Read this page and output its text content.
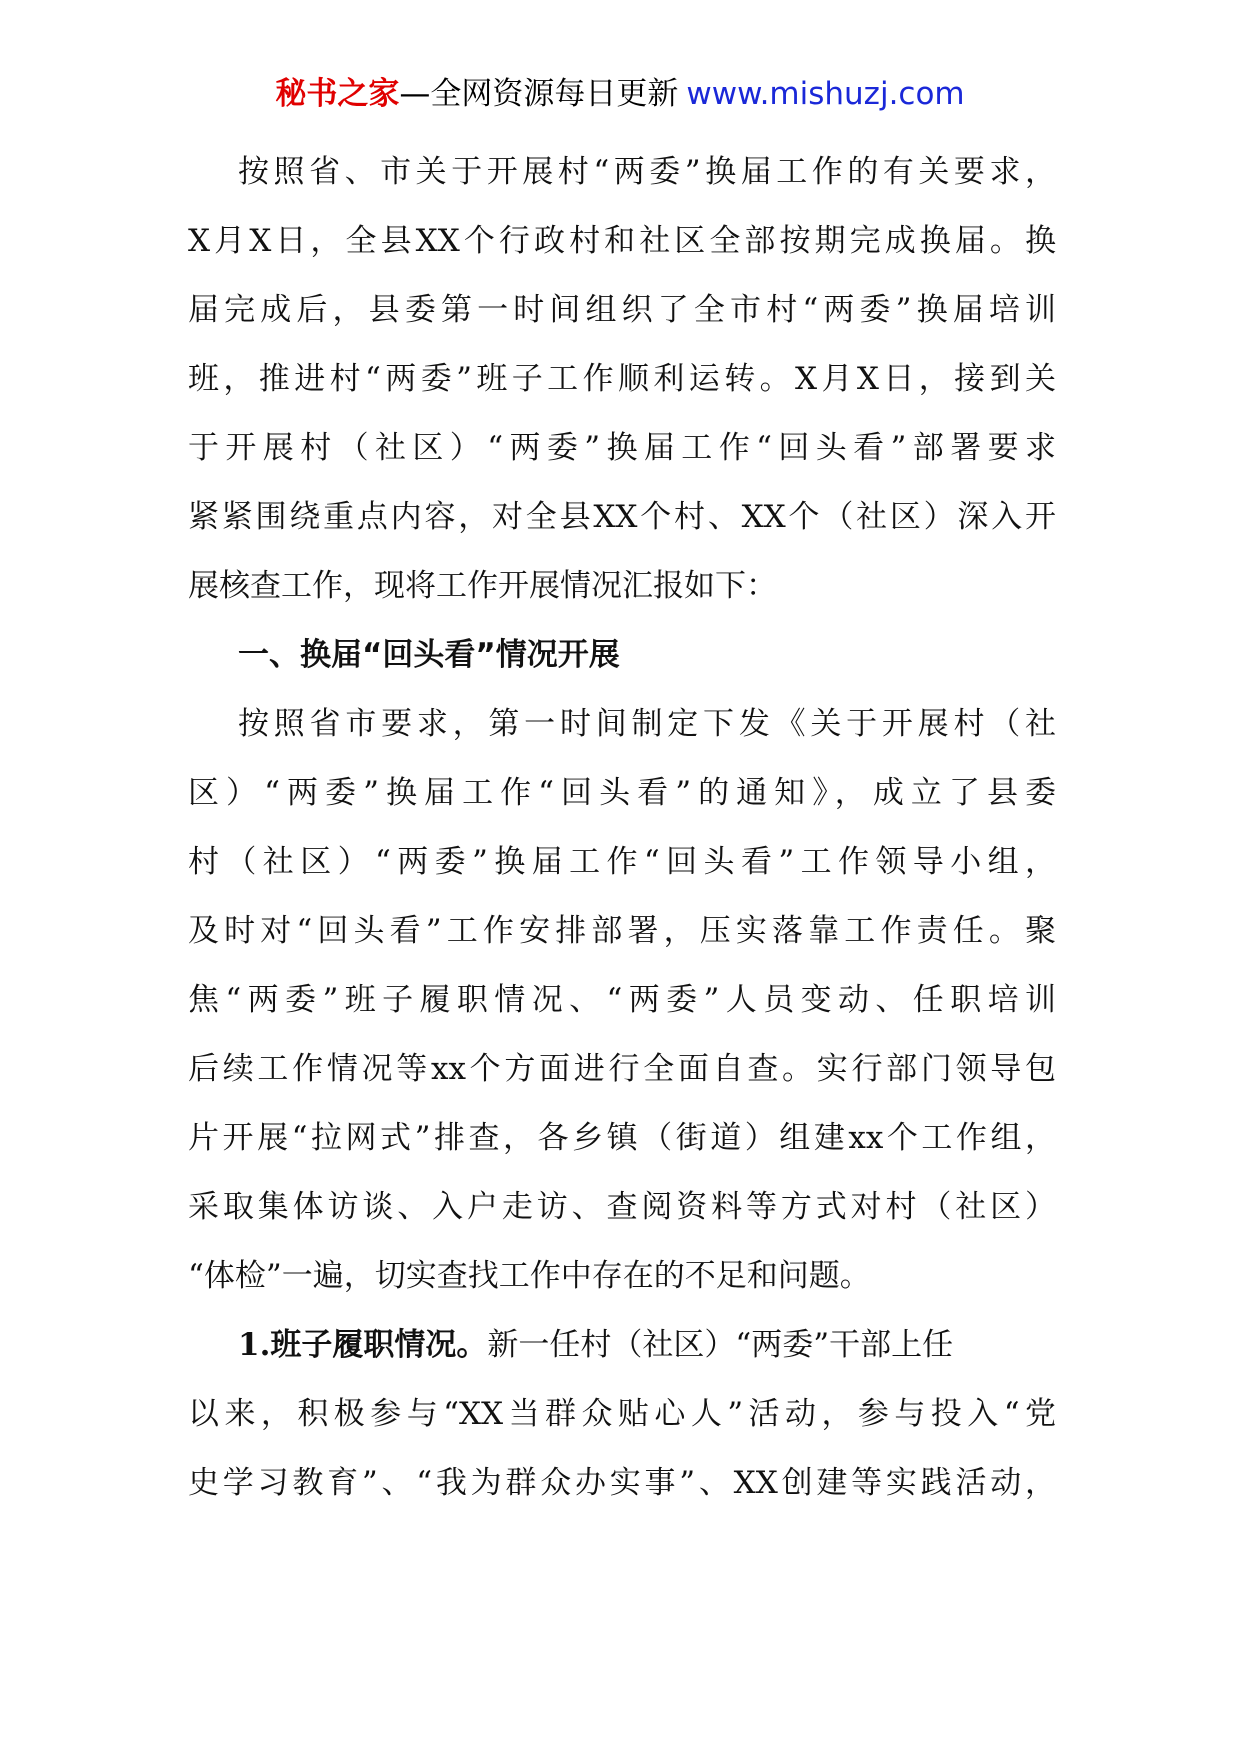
秘书之家—全网资源每日更新 www.mishuzj.com
按照省、市关于开展村“两委”换届工作的有关要求，
X月X日，全县XX个行政村和社区全部按期完成换届。换
届完成后，县委第一时间组织了全市村“两委”换届培训
班，推进村“两委”班子工作顺利运转。X月X日，接到关
于开展村（社区）“两委”换届工作“回头看”部署要求
紧紧围绕重点内容，对全县XX个村、XX个（社区）深入开
展核查工作，现将工作开展情况汇报如下：
一、换届“回头看”情况开展
按照省市要求，第一时间制定下发《关于开展村（社
区）“两委”换届工作“回头看”的通知》，成立了县委
村（社区）“两委”换届工作“回头看”工作领导小组，
及时对“回头看”工作安排部署，压实落靠工作责任。聚
焦“两委”班子履职情况、“两委”人员变动、任职培训
后续工作情况等xx个方面进行全面自查。实行部门领导包
片开展“拉网式”排查，各乡镇（街道）组建xx个工作组，
采取集体访谈、入户走访、查阅资料等方式对村（社区）
“体检”一遍，切实查找工作中存在的不足和问题。
1.班子履职情况。新一任村（社区）“两委”干部上任
以来，积极参与“XX当群众贴心人”活动，参与投入“党
史学习教育”、“我为群众办实事”、XX创建等实践活动，
